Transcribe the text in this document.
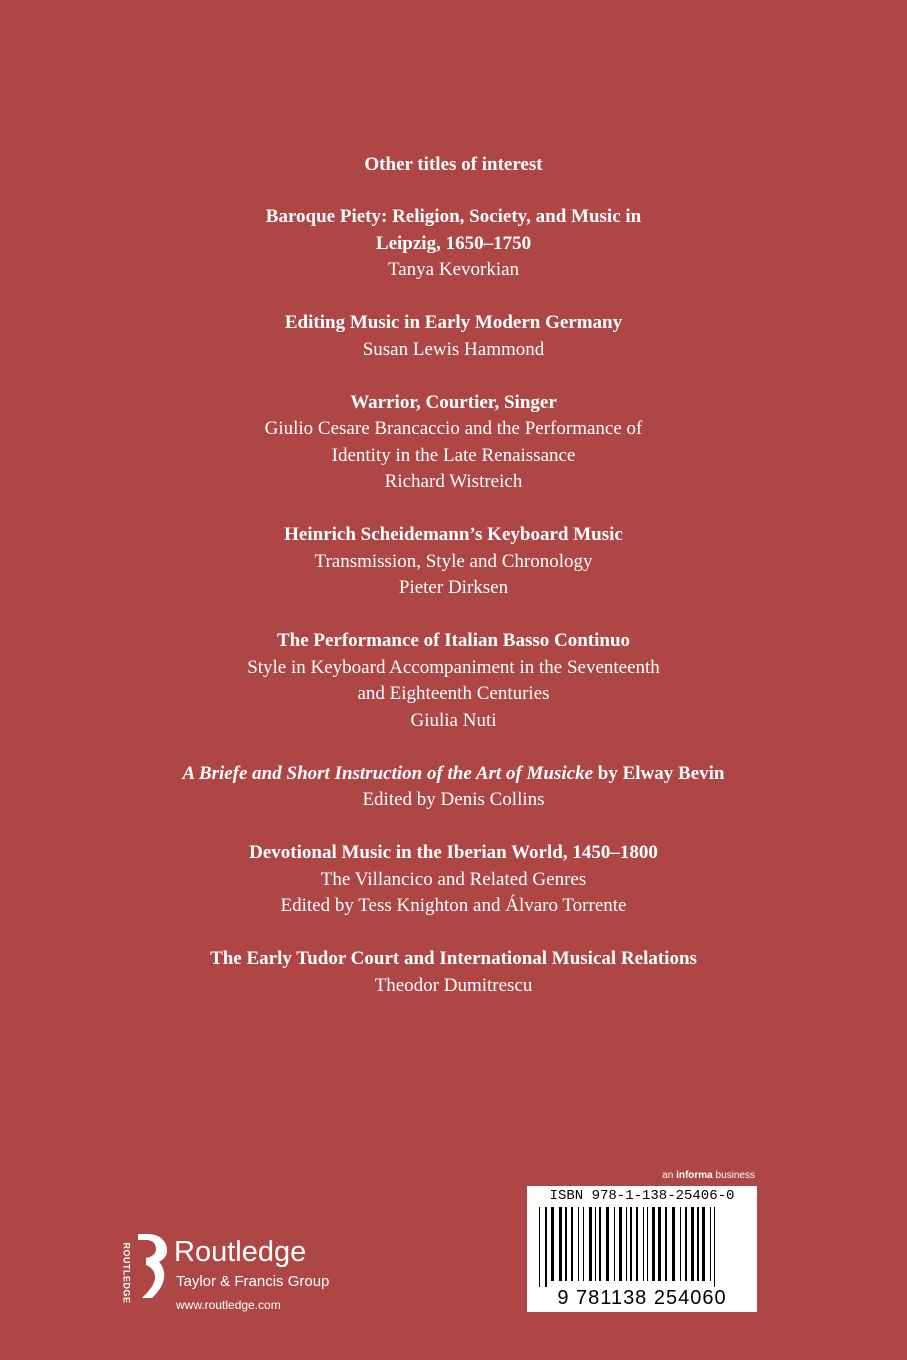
Other titles of interest
Baroque Piety: Religion, Society, and Music in
Leipzig, 1650–1750
Tanya Kevorkian
Editing Music in Early Modern Germany
Susan Lewis Hammond
Warrior, Courtier, Singer
Giulio Cesare Brancaccio and the Performance of
Identity in the Late Renaissance
Richard Wistreich
Heinrich Scheidemann’s Keyboard Music
Transmission, Style and Chronology
Pieter Dirksen
The Performance of Italian Basso Continuo
Style in Keyboard Accompaniment in the Seventeenth
and Eighteenth Centuries
Giulia Nuti
A Briefe and Short Instruction of the Art of Musicke by Elway Bevin
Edited by Denis Collins
Devotional Music in the Iberian World, 1450–1800
The Villancico and Related Genres
Edited by Tess Knighton and Álvaro Torrente
The Early Tudor Court and International Musical Relations
Theodor Dumitrescu
ROUTLEDGE Routledge
Taylor & Francis Group
www.routledge.com
an informa business
ISBN 978-1-138-25406-0
9 781138 254060
